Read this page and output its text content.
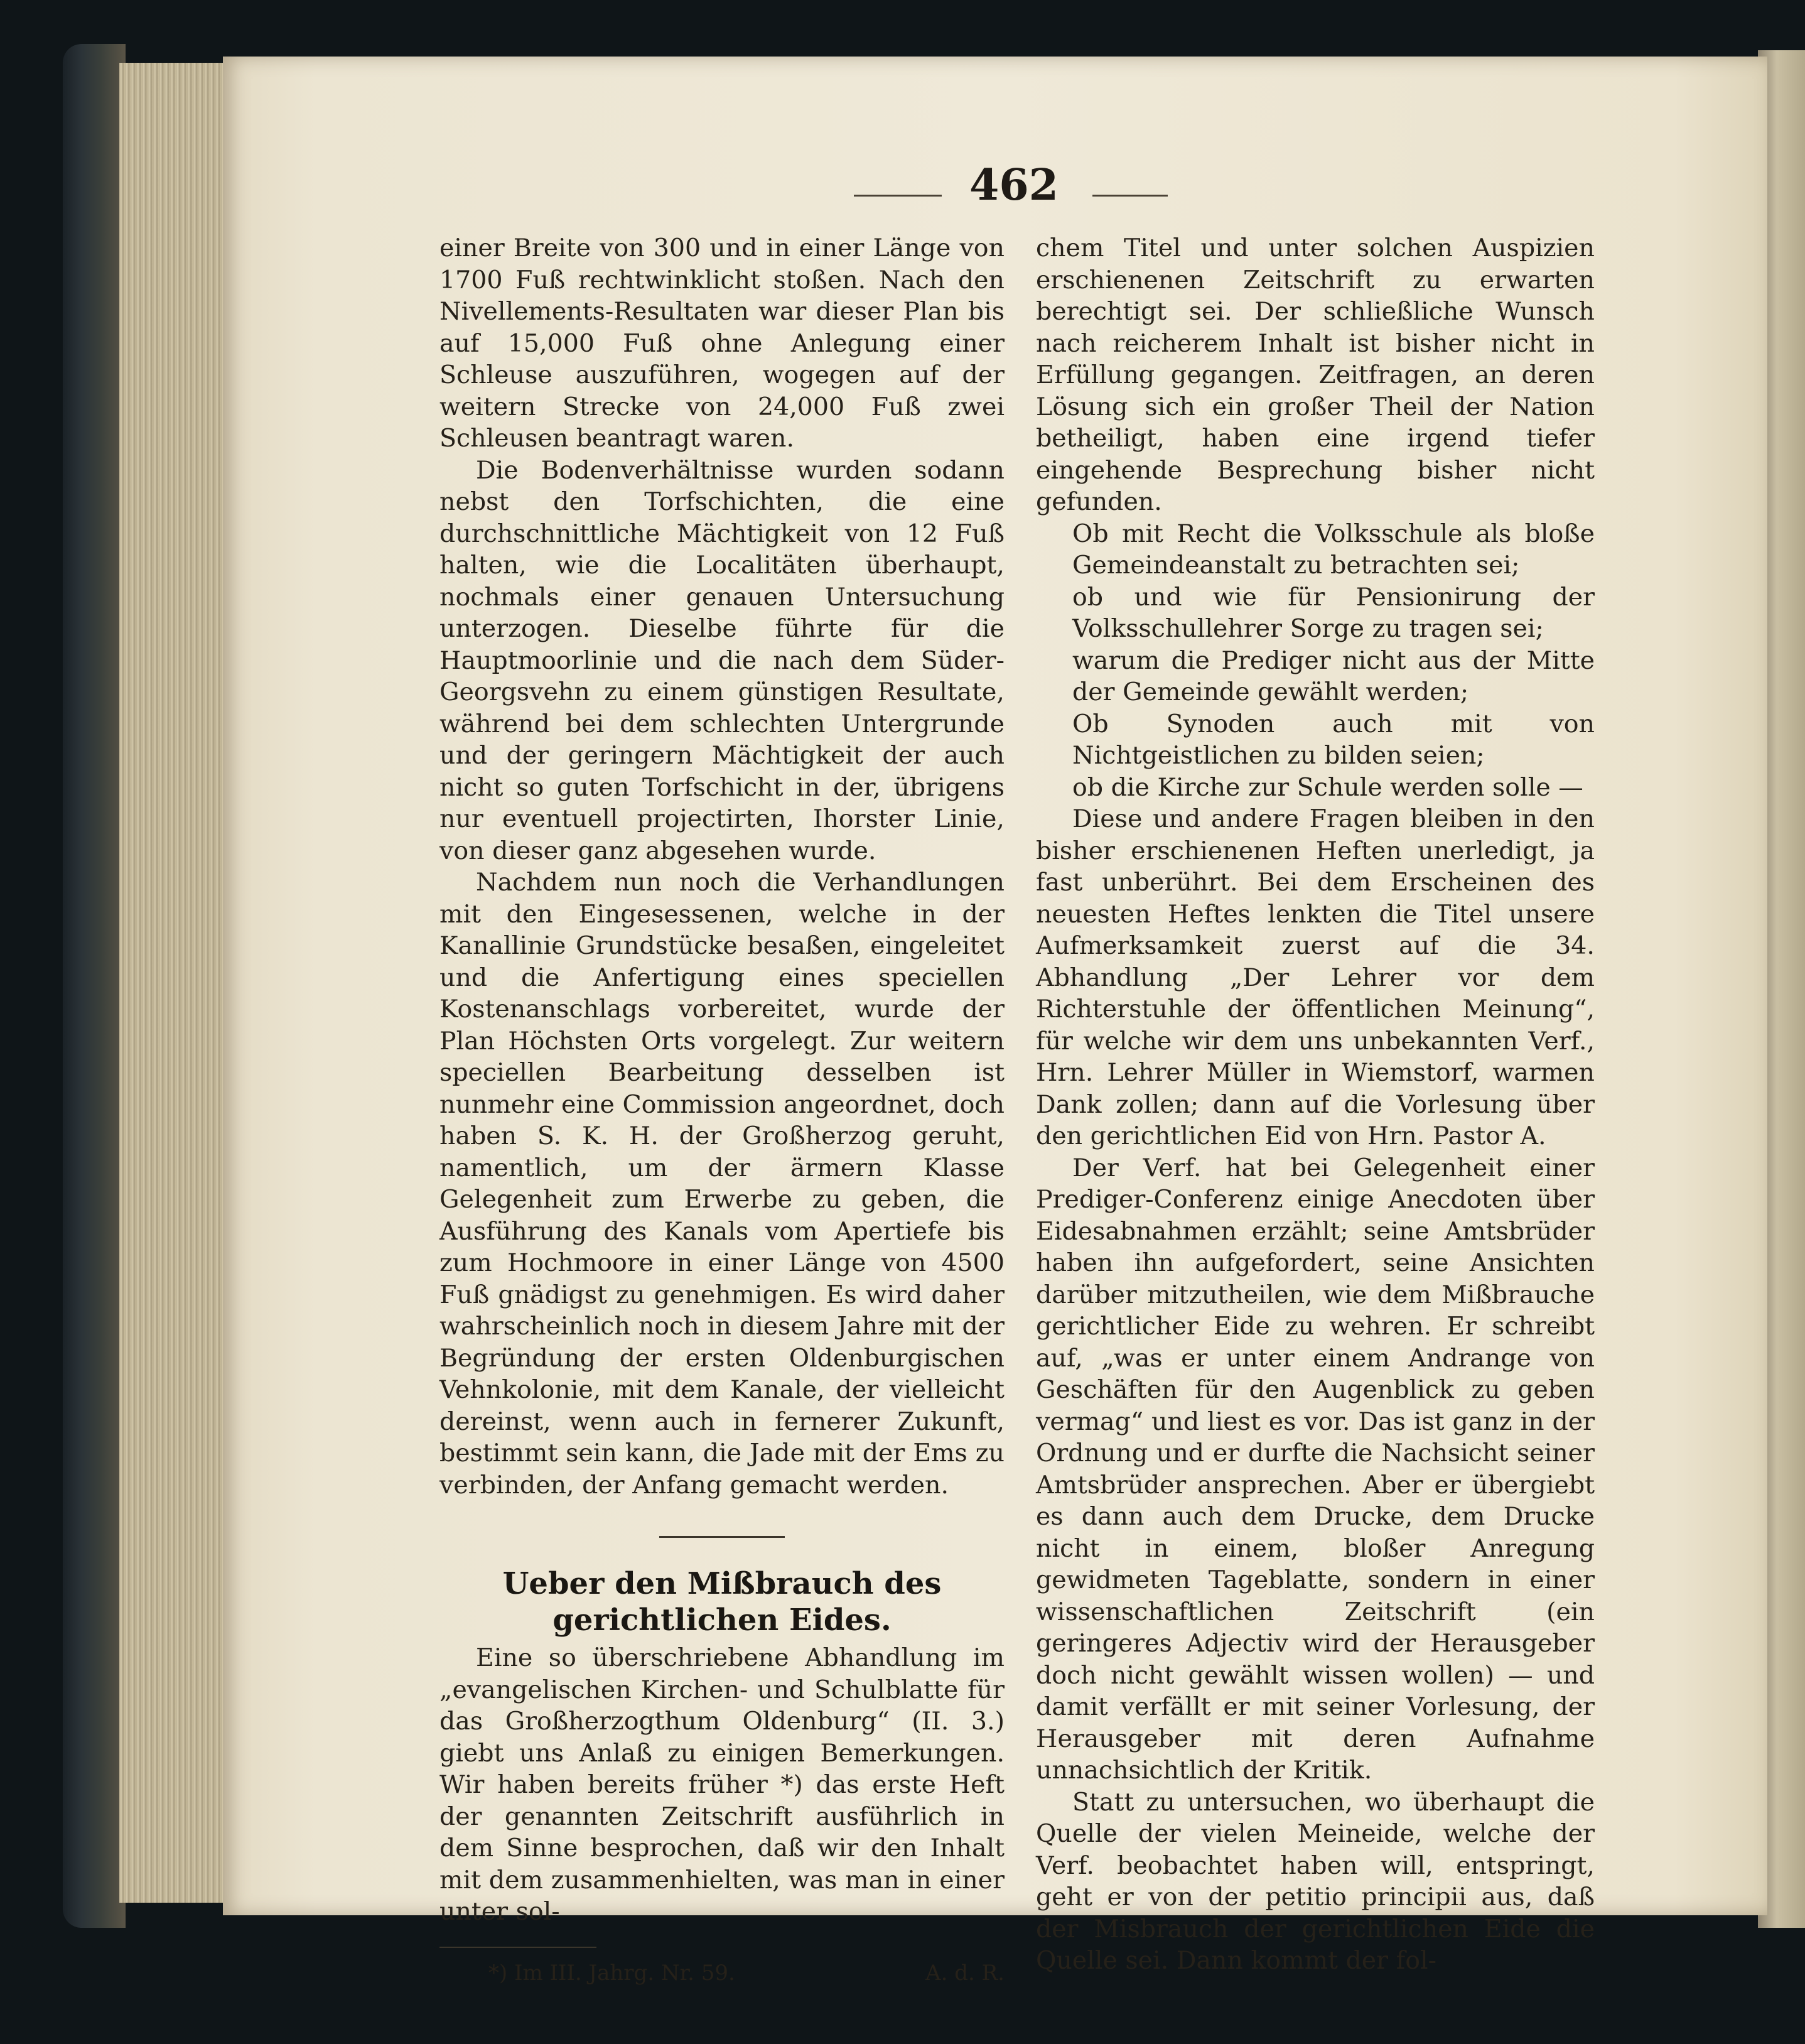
462

einer Breite von 300 und in einer Länge von 1700 Fuß rechtwinklicht stoßen. Nach den Nivellements-Resultaten war dieser Plan bis auf 15,000 Fuß ohne Anlegung einer Schleuse auszuführen, wogegen auf der weitern Strecke von 24,000 Fuß zwei Schleusen beantragt waren.

Die Bodenverhältnisse wurden sodann nebst den Torfschichten, die eine durchschnittliche Mächtigkeit von 12 Fuß halten, wie die Localitäten überhaupt, nochmals einer genauen Untersuchung unterzogen. Dieselbe führte für die Hauptmoorlinie und die nach dem Süder-Georgsvehn zu einem günstigen Resultate, während bei dem schlechten Untergrunde und der geringern Mächtigkeit der auch nicht so guten Torfschicht in der, übrigens nur eventuell projectirten, Ihorster Linie, von dieser ganz abgesehen wurde.

Nachdem nun noch die Verhandlungen mit den Eingesessenen, welche in der Kanallinie Grundstücke besaßen, eingeleitet und die Anfertigung eines speciellen Kostenanschlags vorbereitet, wurde der Plan Höchsten Orts vorgelegt. Zur weitern speciellen Bearbeitung desselben ist nunmehr eine Commission angeordnet, doch haben S. K. H. der Großherzog geruht, namentlich, um der ärmern Klasse Gelegenheit zum Erwerbe zu geben, die Ausführung des Kanals vom Apertiefe bis zum Hochmoore in einer Länge von 4500 Fuß gnädigst zu genehmigen. Es wird daher wahrscheinlich noch in diesem Jahre mit der Begründung der ersten Oldenburgischen Vehnkolonie, mit dem Kanale, der vielleicht dereinst, wenn auch in fernerer Zukunft, bestimmt sein kann, die Jade mit der Ems zu verbinden, der Anfang gemacht werden.

Ueber den Mißbrauch des gerichtlichen Eides.

Eine so überschriebene Abhandlung im „evangelischen Kirchen- und Schulblatte für das Großherzogthum Oldenburg“ (II. 3.) giebt uns Anlaß zu einigen Bemerkungen. Wir haben bereits früher *) das erste Heft der genannten Zeitschrift ausführlich in dem Sinne besprochen, daß wir den Inhalt mit dem zusammenhielten, was man in einer unter sol-

*) Im III. Jahrg. Nr. 59.	A. d. R.

chem Titel und unter solchen Auspizien erschienenen Zeitschrift zu erwarten berechtigt sei. Der schließliche Wunsch nach reicherem Inhalt ist bisher nicht in Erfüllung gegangen. Zeitfragen, an deren Lösung sich ein großer Theil der Nation betheiligt, haben eine irgend tiefer eingehende Besprechung bisher nicht gefunden.

Ob mit Recht die Volksschule als bloße Gemeindeanstalt zu betrachten sei;

ob und wie für Pensionirung der Volksschullehrer Sorge zu tragen sei;

warum die Prediger nicht aus der Mitte der Gemeinde gewählt werden;

Ob Synoden auch mit von Nichtgeistlichen zu bilden seien;

ob die Kirche zur Schule werden solle —

Diese und andere Fragen bleiben in den bisher erschienenen Heften unerledigt, ja fast unberührt. Bei dem Erscheinen des neuesten Heftes lenkten die Titel unsere Aufmerksamkeit zuerst auf die 34. Abhandlung „Der Lehrer vor dem Richterstuhle der öffentlichen Meinung“, für welche wir dem uns unbekannten Verf., Hrn. Lehrer Müller in Wiemstorf, warmen Dank zollen; dann auf die Vorlesung über den gerichtlichen Eid von Hrn. Pastor A.

Der Verf. hat bei Gelegenheit einer Prediger-Conferenz einige Anecdoten über Eidesabnahmen erzählt; seine Amtsbrüder haben ihn aufgefordert, seine Ansichten darüber mitzutheilen, wie dem Mißbrauche gerichtlicher Eide zu wehren. Er schreibt auf, „was er unter einem Andrange von Geschäften für den Augenblick zu geben vermag“ und liest es vor. Das ist ganz in der Ordnung und er durfte die Nachsicht seiner Amtsbrüder ansprechen. Aber er übergiebt es dann auch dem Drucke, dem Drucke nicht in einem, bloßer Anregung gewidmeten Tageblatte, sondern in einer wissenschaftlichen Zeitschrift (ein geringeres Adjectiv wird der Herausgeber doch nicht gewählt wissen wollen) — und damit verfällt er mit seiner Vorlesung, der Herausgeber mit deren Aufnahme unnachsichtlich der Kritik.

Statt zu untersuchen, wo überhaupt die Quelle der vielen Meineide, welche der Verf. beobachtet haben will, entspringt, geht er von der petitio principii aus, daß der Misbrauch der gerichtlichen Eide die Quelle sei. Dann kommt der fol-
